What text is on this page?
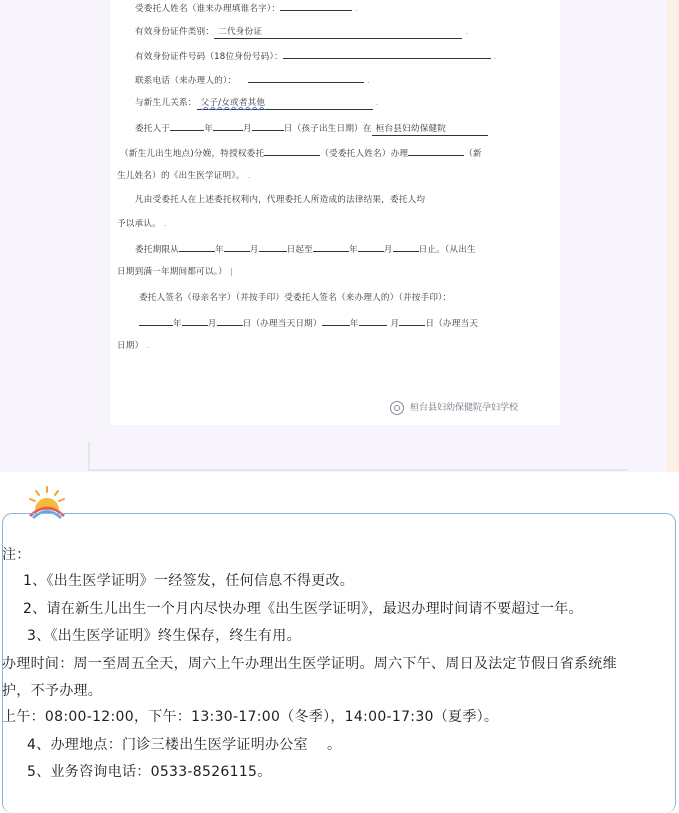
受委托人姓名（谁来办理填谁名字）：	.
有效身份证件类别： 二代身份证	.
有效身份证件号码（18位身份号码）：	.
联系电话（来办理人的）：	.
与新生儿关系： 父子/女或者其他	.
委托人于	年	月	日（孩子出生日期）在 桓台县妇幼保健院
（新生儿出生地点)分娩，特授权委托	（受委托人姓名）办理	（新
生儿姓名）的《出生医学证明》。 .
凡由受委托人在上述委托权利内，代理委托人所造成的法律结果，委托人均
予以承认。 .
委托期限从	年	月	日起至	年	月	日止。（从出生
日期到满一年期间都可以。） |
委托人签名（母亲名字）（并按手印）受委托人签名（来办理人的）（并按手印）：
年	月	日（办理当天日期）	年	月	日（办理当天
日期） .
桓台县妇幼保健院孕妇学校
注：
1、《出生医学证明》一经签发，任何信息不得更改。
2、请在新生儿出生一个月内尽快办理《出生医学证明》，最迟办理时间请不要超过一年。
3、《出生医学证明》终生保存，终生有用。
办理时间：周一至周五全天，周六上午办理出生医学证明。周六下午、周日及法定节假日省系统维
护，不予办理。
上午：08:00-12:00，下午：13:30-17:00（冬季），14:00-17:30（夏季）。
4、办理地点：门诊三楼出生医学证明办公室　 。
5、业务咨询电话：0533-8526115。
